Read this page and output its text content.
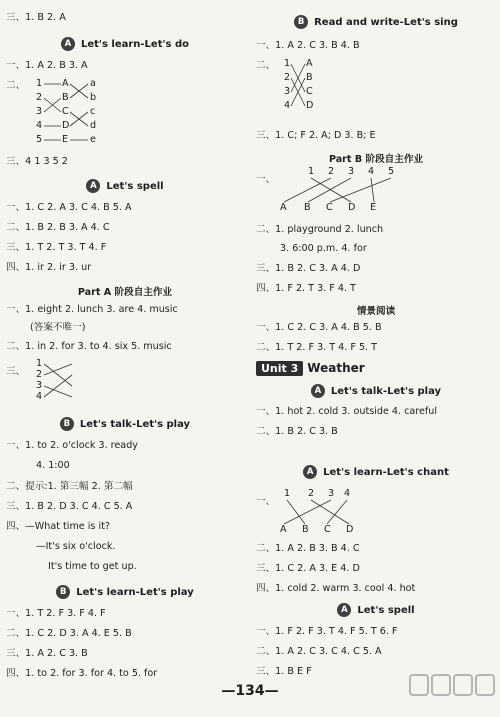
三、1. B 2. A
A Let's learn-Let's do
一、1. A 2. B 3. A
二、 1
2
3
4
5
A
B
C
D
E
a
b
c
d
e
三、4 1 3 5 2
A Let's spell
一、1. C 2. A 3. C 4. B 5. A
二、1. B 2. B 3. A 4. C
三、1. T 2. T 3. T 4. F
四、1. ir 2. ir 3. ur
Part A 阶段自主作业
一、1. eight 2. lunch 3. are 4. music
(答案不唯一)
二、1. in 2. for 3. to 4. six 5. music
三、
1
2
3
4
B Let's talk-Let's play
一、1. to 2. o'clock 3. ready
4. 1:00
二、提示:1. 第三幅 2. 第二幅
三、1. B 2. D 3. C 4. C 5. A
四、—What time is it?
—It's six o'clock.
It's time to get up.
B Let's learn-Let's play
一、1. T 2. F 3. F 4. F
二、1. C 2. D 3. A 4. E 5. B
三、1. A 2. C 3. B
四、1. to 2. for 3. for 4. to 5. for
B Read and write-Let's sing
一、1. A 2. C 3. B 4. B
二、 1
2
3
4
A
B
C
D
三、1. C; F 2. A; D 3. B; E
Part B 阶段自主作业
一、
1 2 3 4 5
A B C D E
二、1. playground 2. lunch
3. 6:00 p.m. 4. for
三、1. B 2. C 3. A 4. D
四、1. F 2. T 3. F 4. T
情景阅读
一、1. C 2. C 3. A 4. B 5. B
二、1. T 2. F 3. T 4. F 5. T
Unit 3 Weather
A Let's talk-Let's play
一、1. hot 2. cold 3. outside 4. careful
二、1. B 2. C 3. B
A Let's learn-Let's chant
一、
1 2 3 4
A B C D
二、1. A 2. B 3. B 4. C
三、1. C 2. A 3. E 4. D
四、1. cold 2. warm 3. cool 4. hot
A Let's spell
一、1. F 2. F 3. T 4. F 5. T 6. F
二、1. A 2. C 3. C 4. C 5. A
三、1. B E F
—134—
